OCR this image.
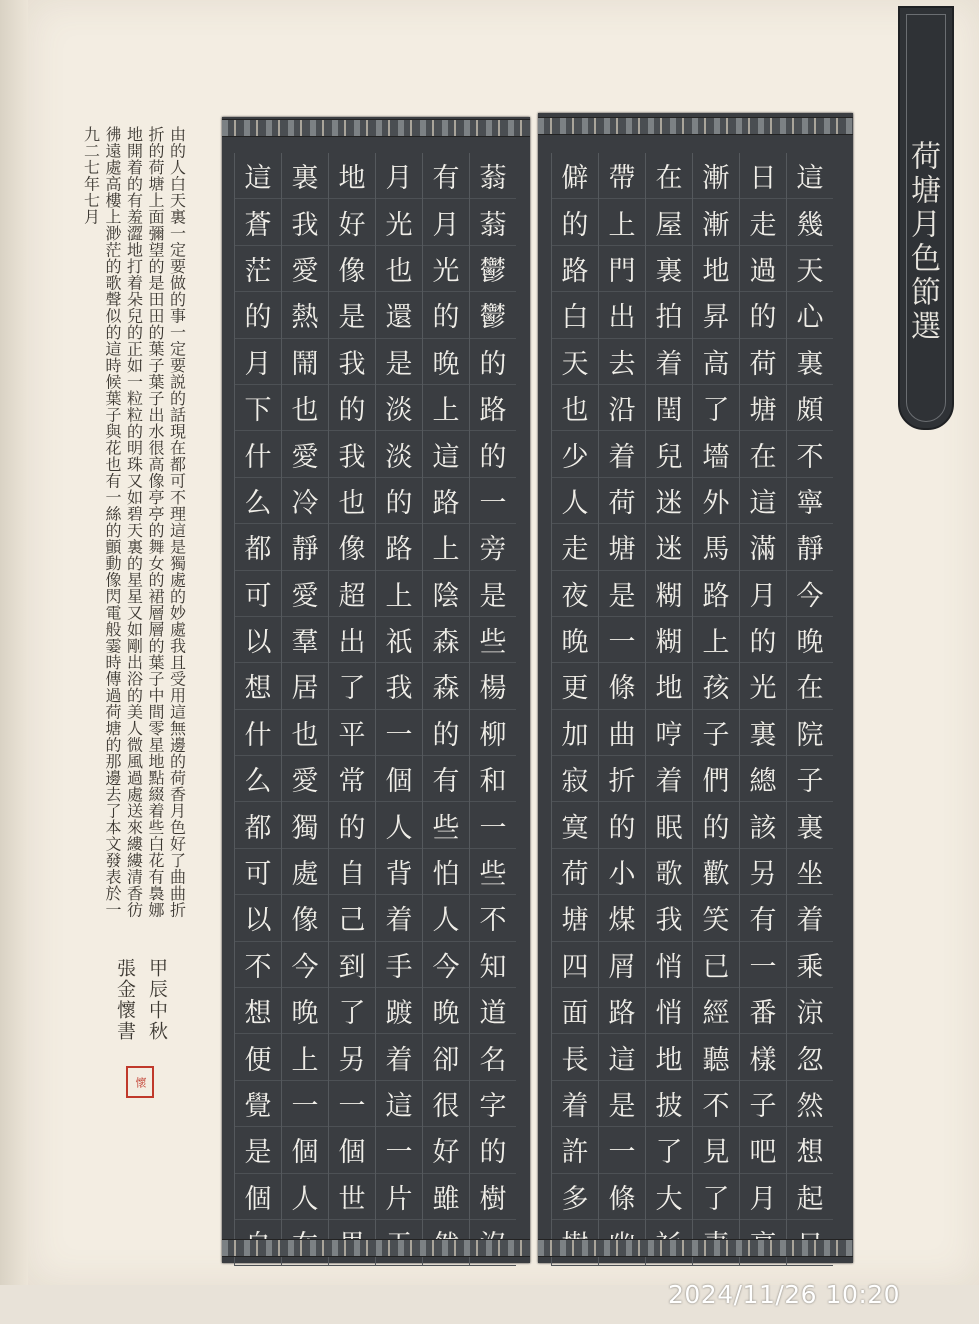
荷塘月色節選
這
幾
天
心
裏
頗
不
寧
靜
今
晚
在
院
子
裏
坐
着
乘
涼
忽
然
想
起
日
走
過
的
荷
塘
在
這
滿
月
的
光
裏
總
該
另
有
一
番
樣
子
吧
月
漸
漸
地
昇
高
了
墻
外
馬
路
上
孩
子
們
的
歡
笑
已
經
聽
不
見
了
在
屋
裏
拍
着
閏
兒
迷
迷
糊
糊
地
哼
着
眠
歌
我
悄
悄
地
披
了
大
帶
上
門
出
去
沿
着
荷
塘
是
一
條
曲
折
的
小
煤
屑
路
這
是
一
條
僻
的
路
白
天
也
少
人
走
夜
晚
更
加
寂
寞
荷
塘
四
面
長
着
許
多
蓊
蓊
鬱
鬱
的
路
的
一
旁
是
些
楊
柳
和
一
些
不
知
道
名
字
的
樹
有
月
光
的
晚
上
這
路
上
陰
森
森
的
有
些
怕
人
今
晚
卻
很
好
雖
月
光
也
還
是
淡
淡
的
路
上
祇
我
一
個
人
背
着
手
踱
着
這
一
片
地
好
像
是
我
的
我
也
像
超
出
了
平
常
的
自
己
到
了
另
一
個
世
裏
我
愛
熱
鬧
也
愛
冷
靜
愛
羣
居
也
愛
獨
處
像
今
晚
上
一
個
人
這
蒼
茫
的
月
下
什
么
都
可
以
想
什
么
都
可
以
不
想
便
覺
是
個
由的人白天裏一定要做的事一定要説的話現在都可不理這是獨處的妙處我且受用這無邊的荷香月色好了曲曲折折的荷塘上面彌望的是田田的葉子葉子出水很高像亭亭的舞女的裙層層的葉子中間零星地點綴着些白花有裊娜地開着的有羞澀地打着朵兒的正如一粒粒的明珠又如碧天裏的星星又如剛出浴的美人微風過處送來縷縷清香彷彿遠處高樓上渺茫的歌聲似的這時候葉子與花也有一絲的顫動像閃電般霎時傳過荷塘的那邊去了本文發表於一九二七年七月
甲辰中秋
張金懷書
懷
2024/11/26 10:20
